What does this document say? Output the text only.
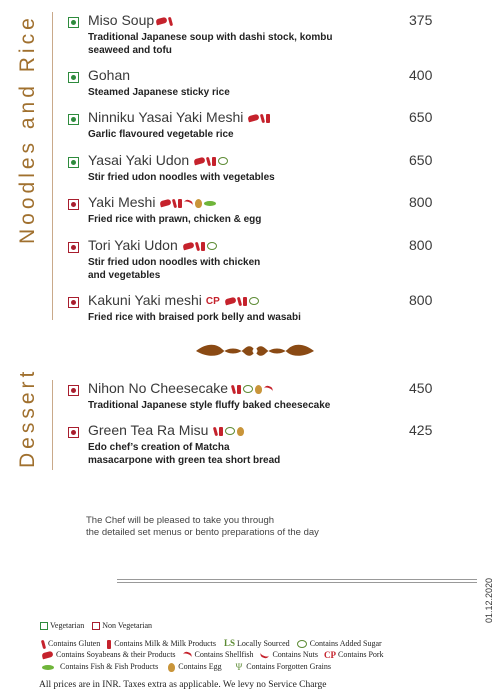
Noodles and Rice
Dessert
Miso Soup
Traditional Japanese soup with dashi stock, kombu seaweed and tofu
375
Gohan
Steamed Japanese sticky rice
400
Ninniku Yasai Yaki Meshi
Garlic flavoured vegetable rice
650
Yasai Yaki Udon
Stir fried udon noodles with vegetables
650
Yaki Meshi
Fried rice with prawn, chicken & egg
800
Tori Yaki Udon
Stir fried udon noodles with chicken and vegetables
800
Kakuni Yaki meshi CP
Fried rice with braised pork belly and wasabi
800
Nihon No Cheesecake
Traditional Japanese style fluffy baked cheesecake
450
Green Tea Ra Misu
Edo chef’s creation of Matcha masacarpone with green tea short bread
425
The Chef will be pleased to take you through
the detailed set menus or bento preparations of the day
01.12.2020
Vegetarian Non Vegetarian
Contains Gluten Contains Milk & Milk Products LS Locally Sourced	Contains Added Sugar
Contains Soyabeans & their Products Contains Shellfish Contains Nuts CP Contains Pork
Contains Fish & Fish Products	Contains Egg Ψ Contains Forgotten Grains
All prices are in INR. Taxes extra as applicable. We levy no Service Charge
